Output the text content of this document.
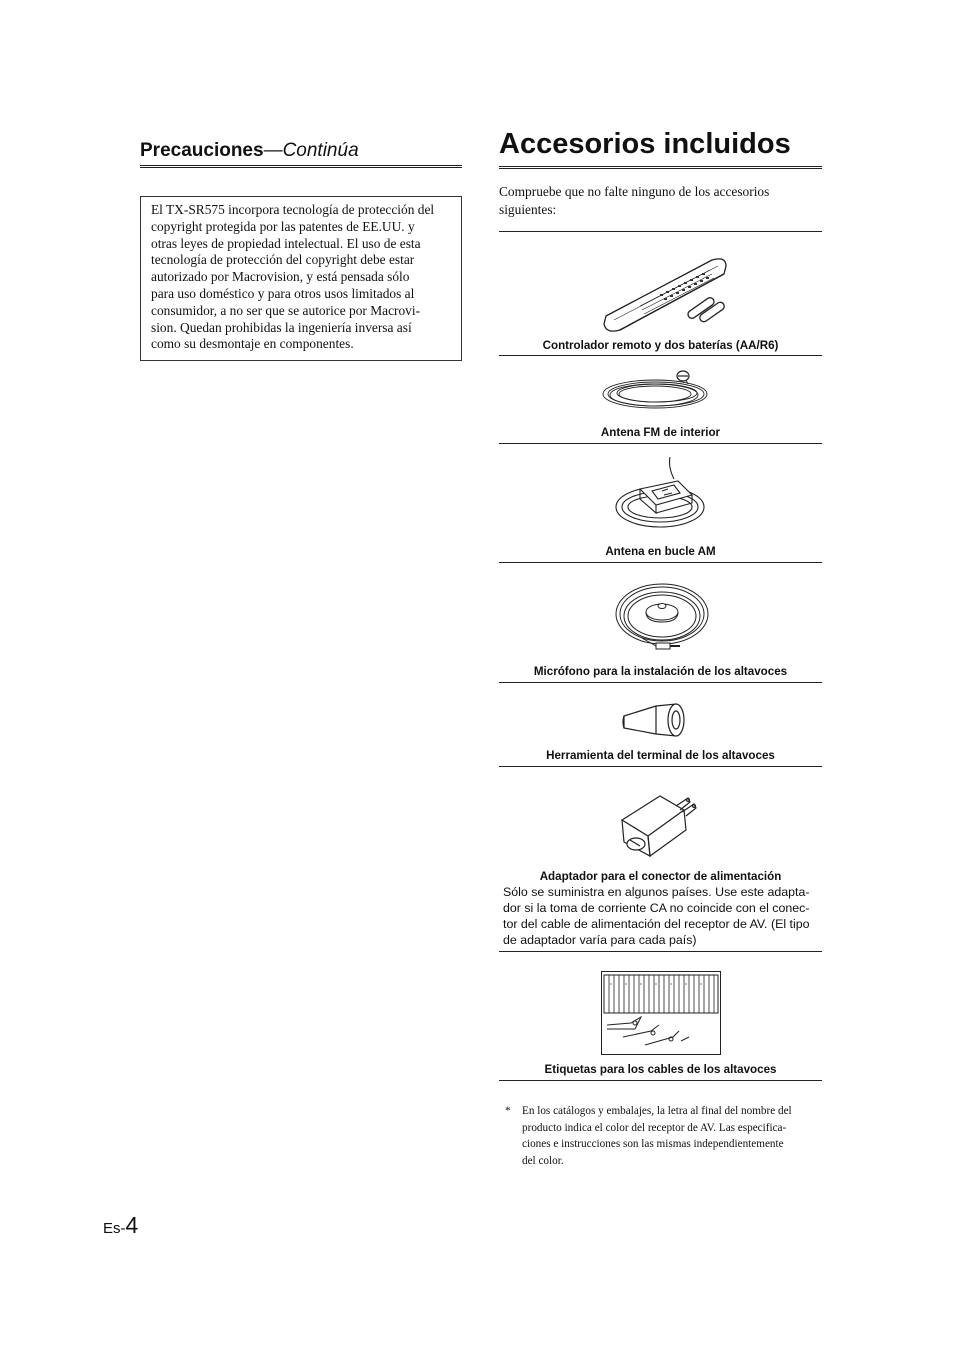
Precauciones—Continúa
El TX-SR575 incorpora tecnología de protección del
copyright protegida por las patentes de EE.UU. y
otras leyes de propiedad intelectual. El uso de esta
tecnología de protección del copyright debe estar
autorizado por Macrovision, y está pensada sólo
para uso doméstico y para otros usos limitados al
consumidor, a no ser que se autorice por Macrovi-
sion. Quedan prohibidas la ingeniería inversa así
como su desmontaje en componentes.
Accesorios incluidos
Compruebe que no falte ninguno de los accesorios siguientes:
Controlador remoto y dos baterías (AA/R6)
Antena FM de interior
Antena en bucle AM
Micrófono para la instalación de los altavoces
Herramienta del terminal de los altavoces
Adaptador para el conector de alimentación
Sólo se suministra en algunos países. Use este adapta-
dor si la toma de corriente CA no coincide con el conec-
tor del cable de alimentación del receptor de AV. (El tipo
de adaptador varía para cada país)
Etiquetas para los cables de los altavoces
* En los catálogos y embalajes, la letra al final del nombre del
producto indica el color del receptor de AV. Las especifica-
ciones e instrucciones son las mismas independientemente
del color.
Es-4
